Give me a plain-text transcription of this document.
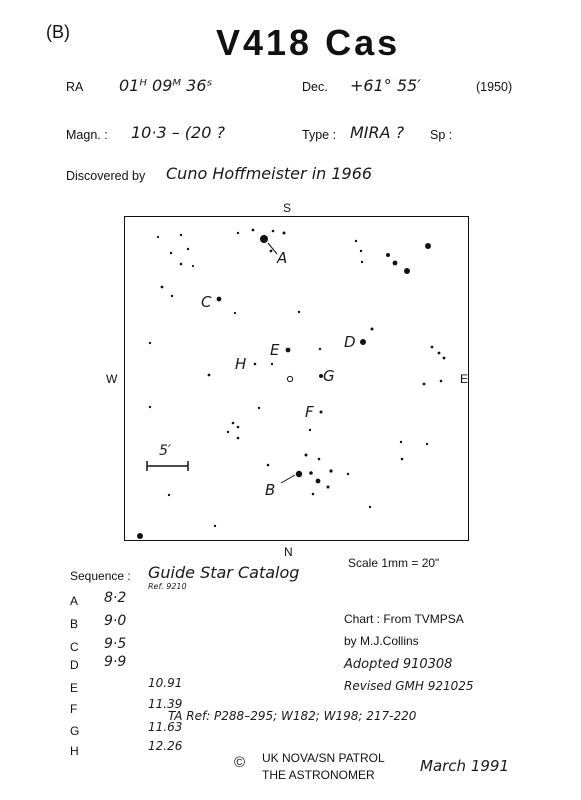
(B)	V418 Cas
RA 01ᴴ 09ᴹ 36ˢ	Dec. +61° 55′	(1950)
Magn. : 10·3 – (20 ?	Type : MIRA ? Sp :
Discovered by Cuno Hoffmeister in 1966
S
N
W	E
A
B
C
D
E
F
G
H
5′
Scale 1mm = 20"
Sequence : Guide Star Catalog
Ref. 9210
A 8·2
B 9·0
C 9·5
D 9·9
E	10.91
F	11.39
G	11.63
H	12.26
TA Ref: P288–295; W182; W198; 217-220
Chart : From TVMPSA
by M.J.Collins
Adopted 910308
Revised GMH 921025
© UK NOVA/SN PATROL
THE ASTRONOMER	March 1991
